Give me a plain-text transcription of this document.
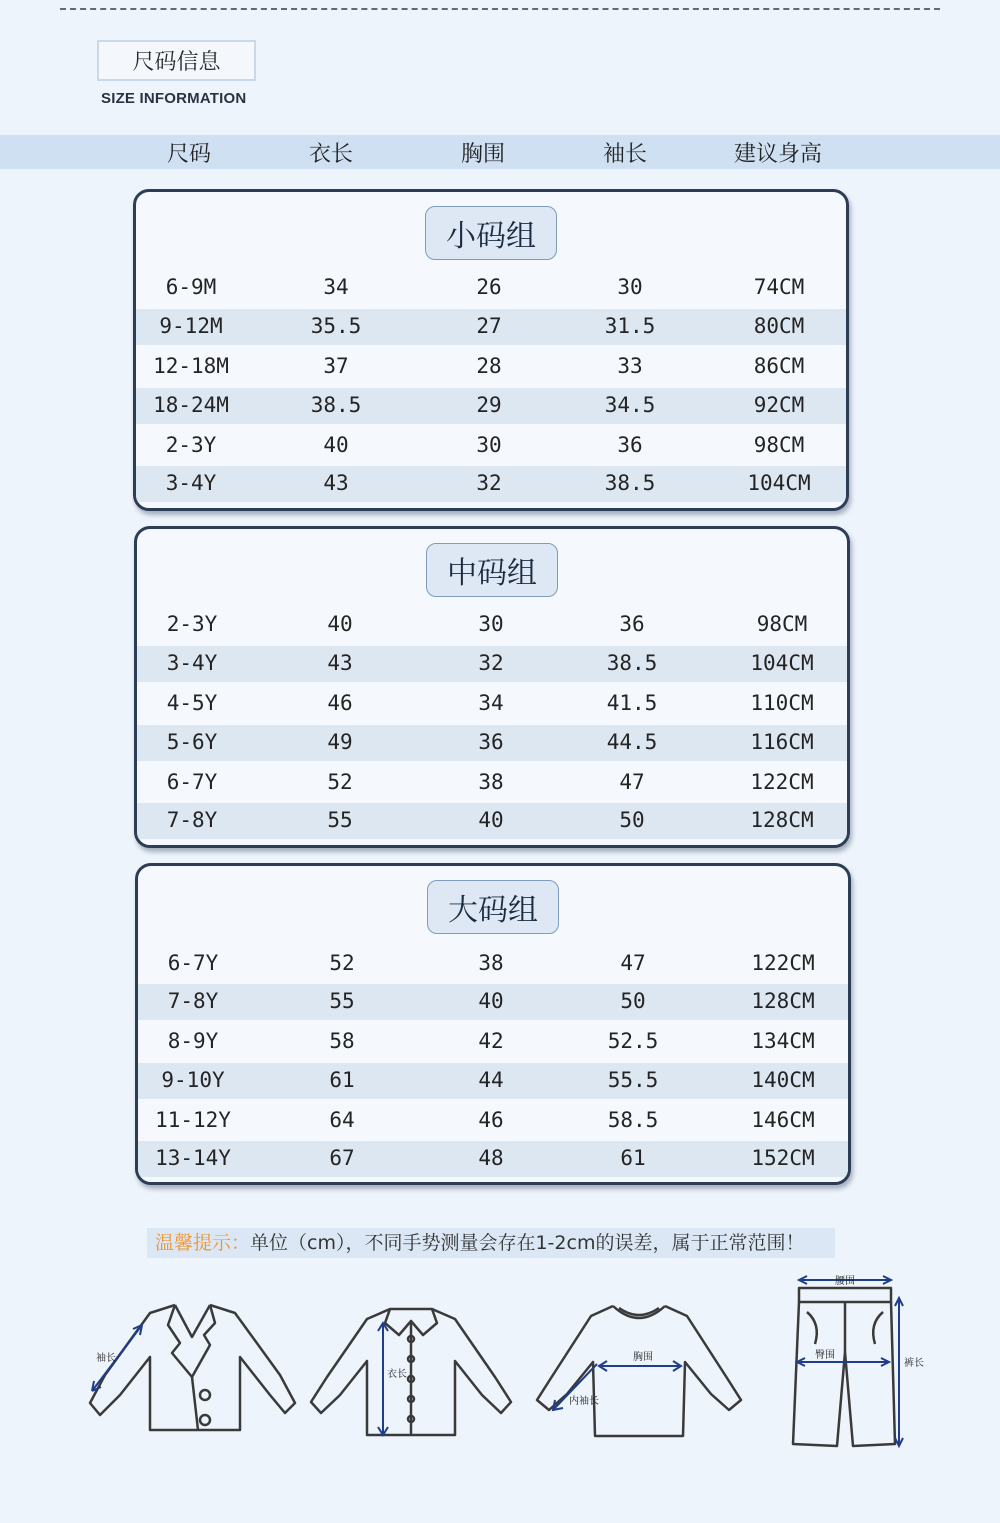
尺码信息
SIZE INFORMATION
尺码	衣长	胸围	袖长	建议身高
小码组
6-9M	34	26	30	74CM
9-12M	35.5	27	31.5	80CM
12-18M	37	28	33	86CM
18-24M	38.5	29	34.5	92CM
2-3Y	40	30	36	98CM
3-4Y	43	32	38.5	104CM
中码组
2-3Y	40	30	36	98CM
3-4Y	43	32	38.5	104CM
4-5Y	46	34	41.5	110CM
5-6Y	49	36	44.5	116CM
6-7Y	52	38	47	122CM
7-8Y	55	40	50	128CM
大码组
6-7Y	52	38	47	122CM
7-8Y	55	40	50	128CM
8-9Y	58	42	52.5	134CM
9-10Y	61	44	55.5	140CM
11-12Y	64	46	58.5	146CM
13-14Y	67	48	61	152CM
温馨提示：单位（cm），不同手势测量会存在1-2cm的误差，属于正常范围！
袖长
衣长
胸围
内袖长
腰围
臀围
裤长
